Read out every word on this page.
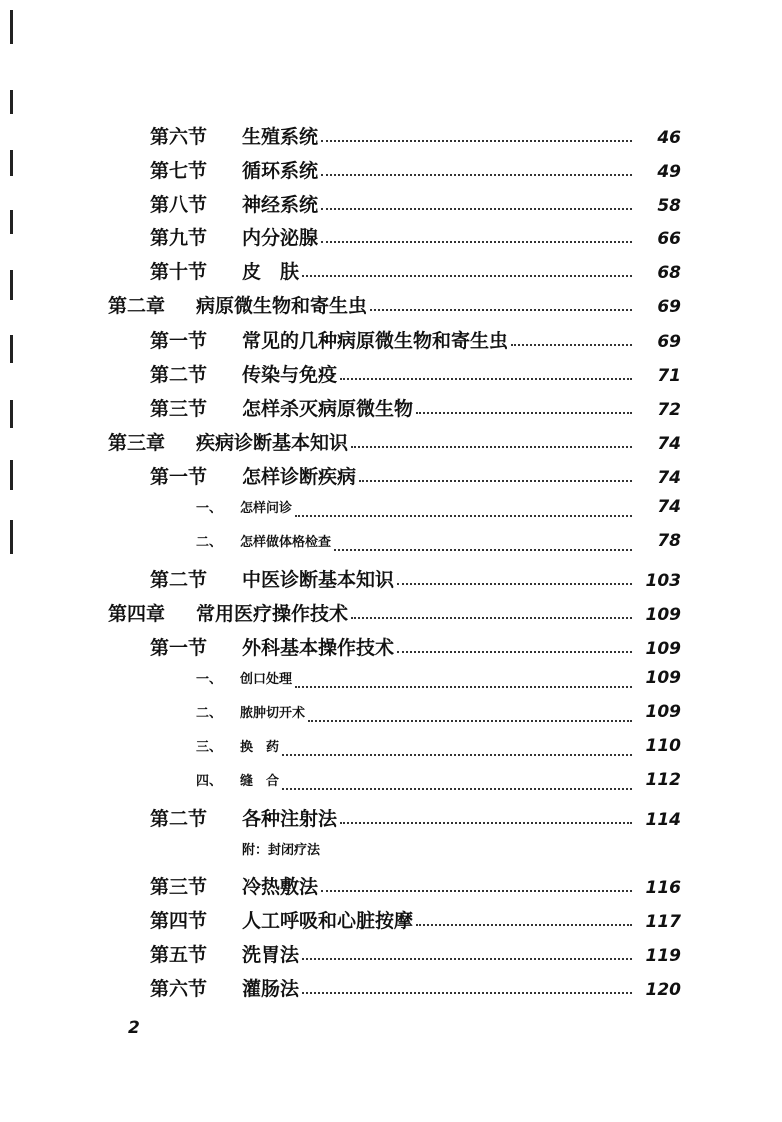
第六节	生殖系统	46
第七节	循环系统	49
第八节	神经系统	58
第九节	内分泌腺	66
第十节	皮　肤	68
第二章	病原微生物和寄生虫	69
第一节	常见的几种病原微生物和寄生虫	69
第二节	传染与免疫	71
第三节	怎样杀灭病原微生物	72
第三章	疾病诊断基本知识	74
第一节	怎样诊断疾病	74
一、	怎样问诊	74
二、	怎样做体格检查	78
第二节	中医诊断基本知识	103
第四章	常用医疗操作技术	109
第一节	外科基本操作技术	109
一、	创口处理	109
二、	脓肿切开术	109
三、	换　药	110
四、	缝　合	112
第二节	各种注射法	114
附：封闭疗法
第三节	冷热敷法	116
第四节	人工呼吸和心脏按摩	117
第五节	洗胃法	119
第六节	灌肠法	120
2
